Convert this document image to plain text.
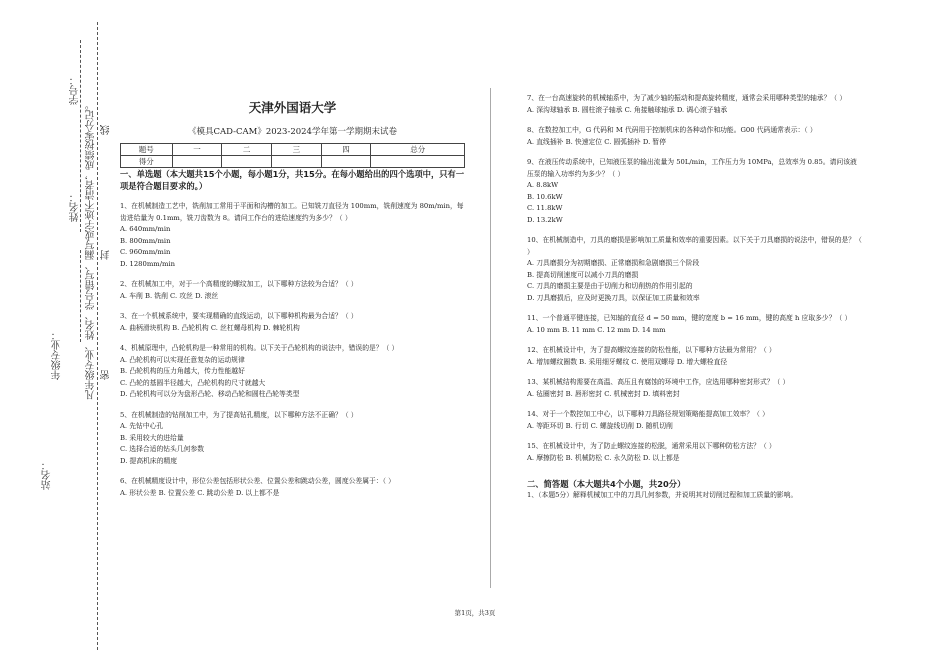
学号：
姓名：
年级专业：
站名：
凡年级专业、姓名、学号错写、漏写或字迹不清者，成绩按零分记。 密
封
线
天津外国语大学
《模具CAD-CAM》2023-2024学年第一学期期末试卷
题号	一	二	三	四	总分
得分					
一、单选题（本大题共15个小题，每小题1分，共15分。在每小题给出的四个选项中，只有一项是符合题目要求的。）
1、在机械制造工艺中，铣削加工常用于平面和沟槽的加工。已知铣刀直径为 100mm，铣削速度为 80m/min，每齿进给量为 0.1mm，铣刀齿数为 8。请问工作台的进给速度约为多少？（ ）
A. 640mm/min
B. 800mm/min
C. 960mm/min
D. 1280mm/min
2、在机械加工中，对于一个高精度的螺纹加工，以下哪种方法较为合适？（ ）
A. 车削 B. 铣削 C. 攻丝 D. 滚丝
3、在一个机械系统中，要实现精确的直线运动，以下哪种机构最为合适？（ ）
A. 曲柄滑块机构 B. 凸轮机构 C. 丝杠螺母机构 D. 棘轮机构
4、机械原理中，凸轮机构是一种常用的机构。以下关于凸轮机构的说法中，错误的是？（ ）
A. 凸轮机构可以实现任意复杂的运动规律
B. 凸轮机构的压力角越大，传力性能越好
C. 凸轮的基圆半径越大，凸轮机构的尺寸就越大
D. 凸轮机构可以分为盘形凸轮、移动凸轮和圆柱凸轮等类型
5、在机械制造的钻削加工中，为了提高钻孔精度，以下哪种方法不正确？（ ）
A. 先钻中心孔
B. 采用较大的进给量
C. 选择合适的钻头几何参数
D. 提高机床的精度
6、在机械精度设计中，形位公差包括形状公差、位置公差和跳动公差，圆度公差属于：（ ）
A. 形状公差 B. 位置公差 C. 跳动公差 D. 以上都不是
7、在一台高速旋转的机械轴系中，为了减少轴的振动和提高旋转精度，通常会采用哪种类型的轴承？（ ）
A. 深沟球轴承 B. 圆柱滚子轴承 C. 角接触球轴承 D. 调心滚子轴承
8、在数控加工中，G 代码和 M 代码用于控制机床的各种动作和功能。G00 代码通常表示：（ ）
A. 直线插补 B. 快速定位 C. 圆弧插补 D. 暂停
9、在液压传动系统中，已知液压泵的输出流量为 50L/min，工作压力为 10MPa，总效率为 0.85。请问该液压泵的输入功率约为多少？（ ）
A. 8.8kW
B. 10.6kW
C. 11.8kW
D. 13.2kW
10、在机械制造中，刀具的磨损是影响加工质量和效率的重要因素。以下关于刀具磨损的说法中，错误的是？（ ）
A. 刀具磨损分为初期磨损、正常磨损和急剧磨损三个阶段
B. 提高切削速度可以减小刀具的磨损
C. 刀具的磨损主要是由于切削力和切削热的作用引起的
D. 刀具磨损后，应及时更换刀具，以保证加工质量和效率
11、一个普通平键连接，已知轴的直径 d = 50 mm，键的宽度 b = 16 mm，键的高度 h 应取多少？（ ）
A. 10 mm B. 11 mm C. 12 mm D. 14 mm
12、在机械设计中，为了提高螺纹连接的防松性能，以下哪种方法最为常用？（ ）
A. 增加螺纹圈数 B. 采用细牙螺纹 C. 使用双螺母 D. 增大螺栓直径
13、某机械结构需要在高温、高压且有腐蚀的环境中工作，应选用哪种密封形式？（ ）
A. 毡圈密封 B. 唇形密封 C. 机械密封 D. 填料密封
14、对于一个数控加工中心，以下哪种刀具路径规划策略能提高加工效率？（ ）
A. 等距环切 B. 行切 C. 螺旋线切削 D. 随机切削
15、在机械设计中，为了防止螺纹连接的松脱，通常采用以下哪种防松方法？（ ）
A. 摩擦防松 B. 机械防松 C. 永久防松 D. 以上都是
二、简答题（本大题共4个小题，共20分）
1、（本题5分）解释机械加工中的刀具几何参数，并说明其对切削过程和加工质量的影响。
第1页，共3页
